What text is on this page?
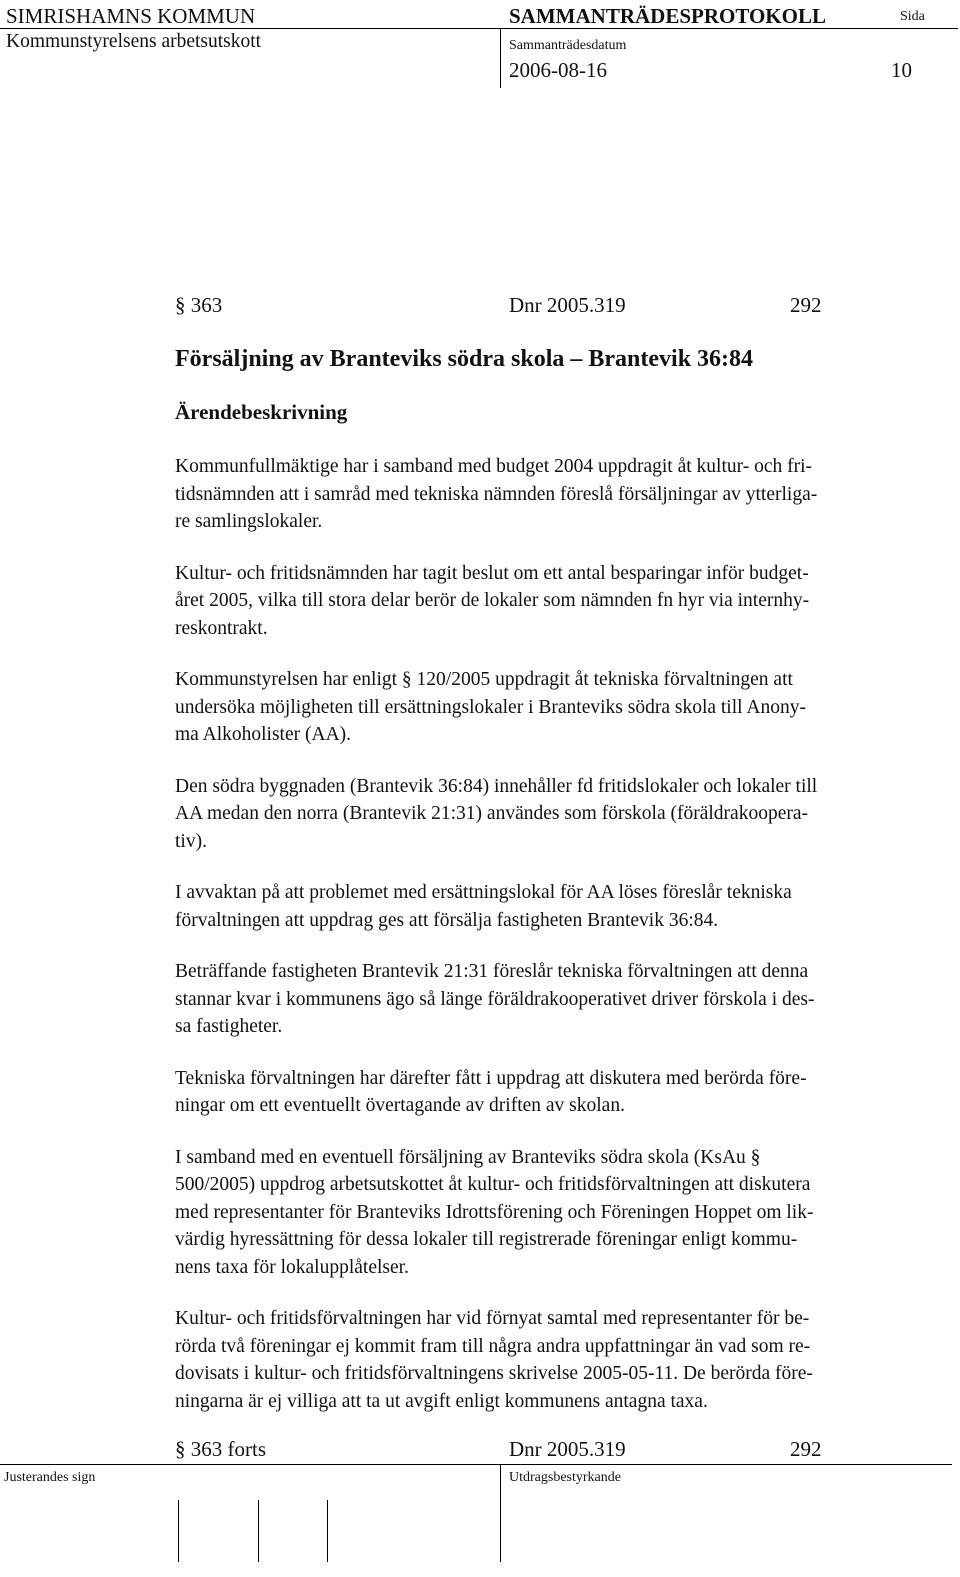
SIMRISHAMNS KOMMUN
Kommunstyrelsens arbetsutskott
SAMMANTRÄDESPROTOKOLL	Sida
Sammanträdesdatum
2006-08-16	10
§ 363	Dnr 2005.319	292
Försäljning av Branteviks södra skola – Brantevik 36:84
Ärendebeskrivning

Kommunfullmäktige har i samband med budget 2004 uppdragit åt kultur- och fri-
tidsnämnden att i samråd med tekniska nämnden föreslå försäljningar av ytterliga-
re samlingslokaler.

Kultur- och fritidsnämnden har tagit beslut om ett antal besparingar inför budget-
året 2005, vilka till stora delar berör de lokaler som nämnden fn hyr via internhy-
reskontrakt.

Kommunstyrelsen har enligt § 120/2005 uppdragit åt tekniska förvaltningen att
undersöka möjligheten till ersättningslokaler i Branteviks södra skola till Anony-
ma Alkoholister (AA).

Den södra byggnaden (Brantevik 36:84) innehåller fd fritidslokaler och lokaler till
AA medan den norra (Brantevik 21:31) användes som förskola (föräldrakoopera-
tiv).

I avvaktan på att problemet med ersättningslokal för AA löses föreslår tekniska
förvaltningen att uppdrag ges att försälja fastigheten Brantevik 36:84.

Beträffande fastigheten Brantevik 21:31 föreslår tekniska förvaltningen att denna
stannar kvar i kommunens ägo så länge föräldrakooperativet driver förskola i des-
sa fastigheter.

Tekniska förvaltningen har därefter fått i uppdrag att diskutera med berörda före-
ningar om ett eventuellt övertagande av driften av skolan.

I samband med en eventuell försäljning av Branteviks södra skola (KsAu §
500/2005) uppdrog arbetsutskottet åt kultur- och fritidsförvaltningen att diskutera
med representanter för Branteviks Idrottsförening och Föreningen Hoppet om lik-
värdig hyressättning för dessa lokaler till registrerade föreningar enligt kommu-
nens taxa för lokalupplåtelser.

Kultur- och fritidsförvaltningen har vid förnyat samtal med representanter för be-
rörda två föreningar ej kommit fram till några andra uppfattningar än vad som re-
dovisats i kultur- och fritidsförvaltningens skrivelse 2005-05-11. De berörda före-
ningarna är ej villiga att ta ut avgift enligt kommunens antagna taxa.

§ 363 forts	Dnr 2005.319	292
Justerandes sign	Utdragsbestyrkande
